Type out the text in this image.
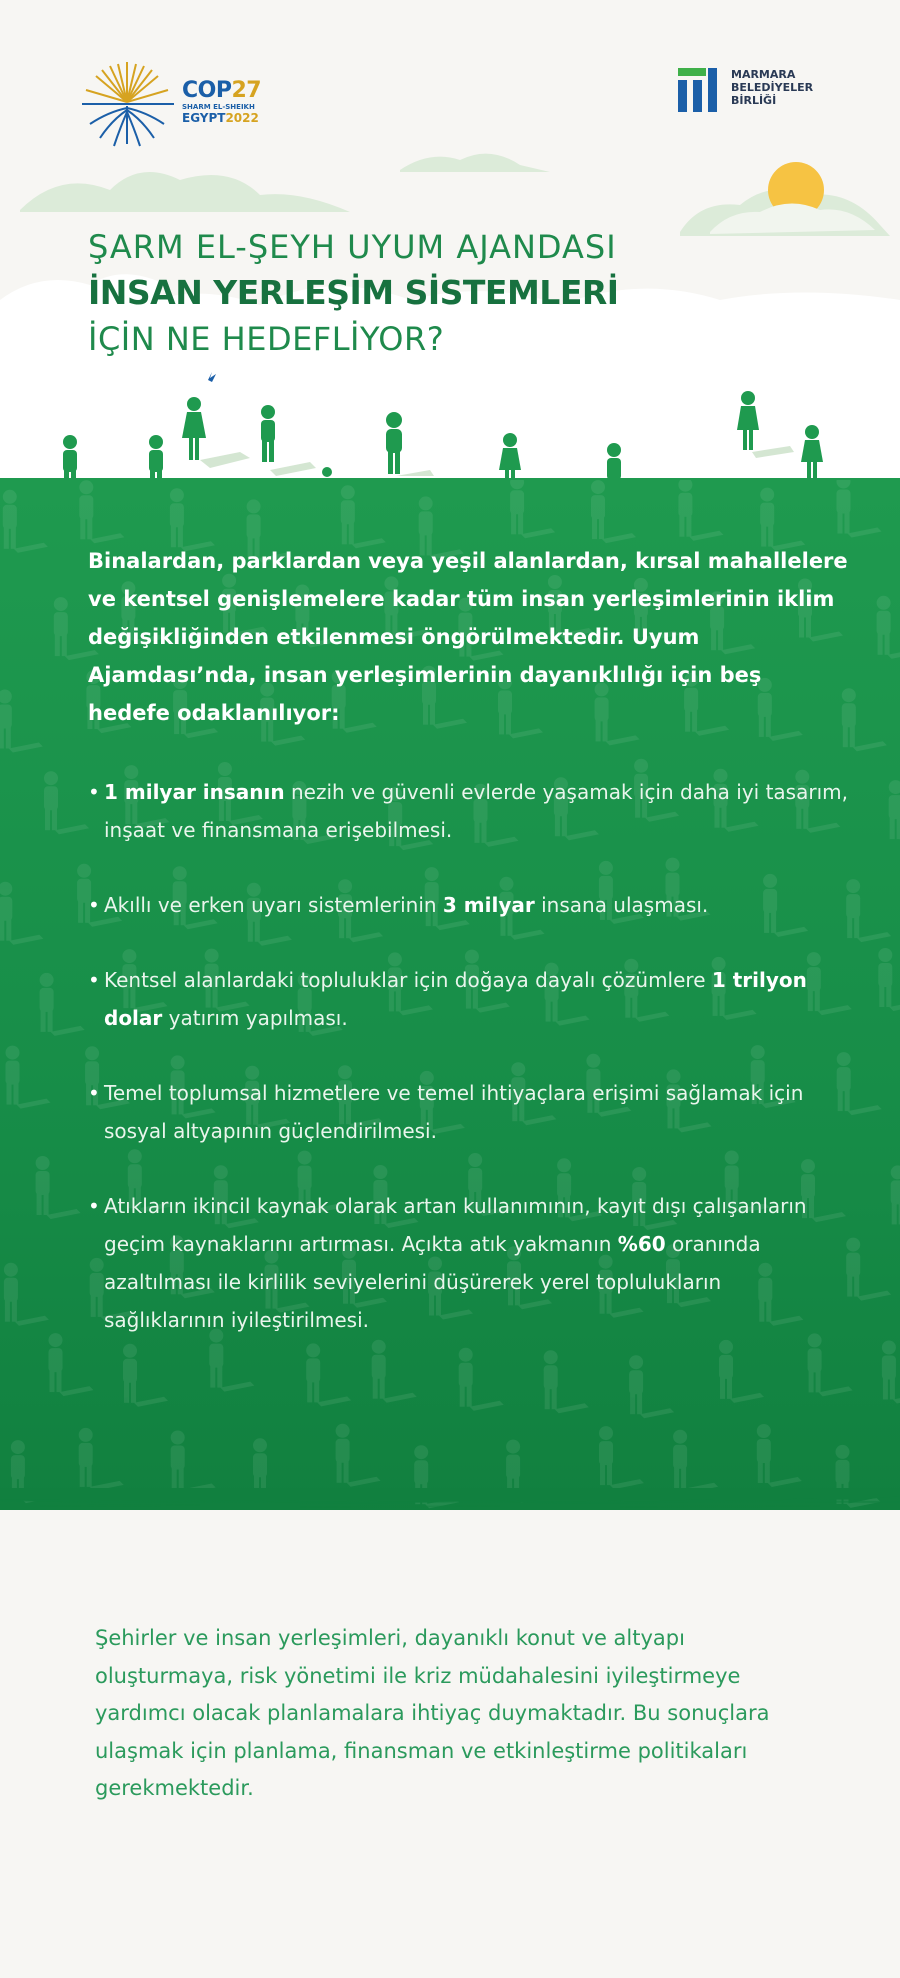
COP27
SHARM EL-SHEIKH
EGYPT2022
MARMARA
BELEDİYELER
BİRLİĞİ
ŞARM EL-ŞEYH UYUM AJANDASI
İNSAN YERLEŞİM SİSTEMLERİ
İÇİN NE HEDEFLİYOR?
Binalardan, parklardan veya yeşil alanlardan, kırsal mahallelere ve kentsel genişlemelere kadar tüm insan yerleşimlerinin iklim değişikliğinden etkilenmesi öngörülmektedir. Uyum Ajamdası’nda, insan yerleşimlerinin dayanıklılığı için beş hedefe odaklanılıyor:
• 1 milyar insanın nezih ve güvenli evlerde yaşamak için daha iyi tasarım, inşaat ve finansmana erişebilmesi.
• Akıllı ve erken uyarı sistemlerinin 3 milyar insana ulaşması.
• Kentsel alanlardaki topluluklar için doğaya dayalı çözümlere 1 trilyon dolar yatırım yapılması.
• Temel toplumsal hizmetlere ve temel ihtiyaçlara erişimi sağlamak için sosyal altyapının güçlendirilmesi.
• Atıkların ikincil kaynak olarak artan kullanımının, kayıt dışı çalışanların geçim kaynaklarını artırması. Açıkta atık yakmanın %60 oranında azaltılması ile kirlilik seviyelerini düşürerek yerel toplulukların sağlıklarının iyileştirilmesi.
Şehirler ve insan yerleşimleri, dayanıklı konut ve altyapı oluşturmaya, risk yönetimi ile kriz müdahalesini iyileştirmeye yardımcı olacak planlamalara ihtiyaç duymaktadır. Bu sonuçlara ulaşmak için planlama, finansman ve etkinleştirme politikaları gerekmektedir.
